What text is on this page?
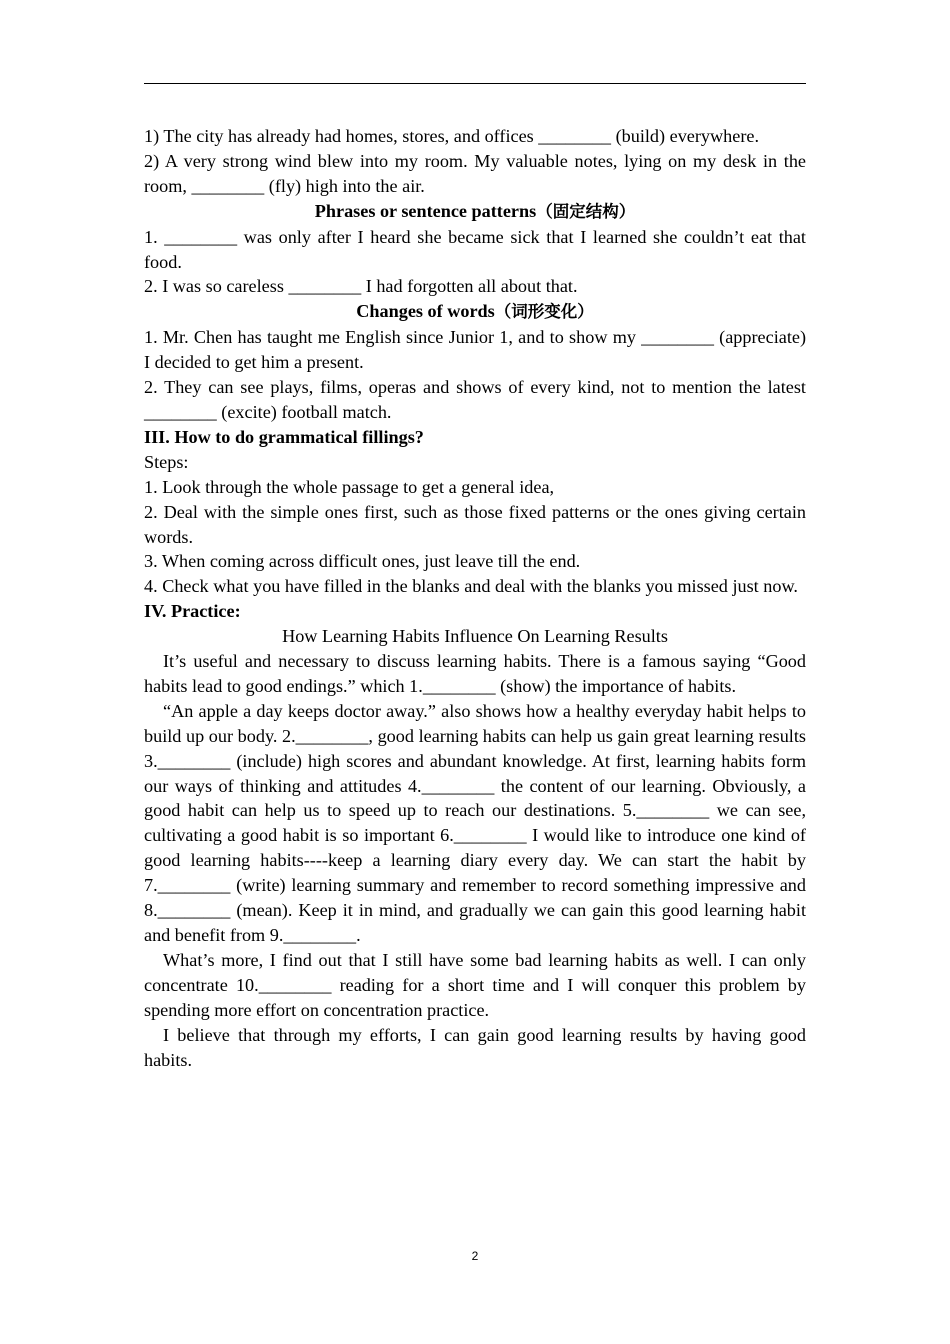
1) The city has already had homes, stores, and offices ________ (build) everywhere.

2) A very strong wind blew into my room. My valuable notes, lying on my desk in the room, ________ (fly) high into the air.

Phrases or sentence patterns（固定结构）

1. ________ was only after I heard she became sick that I learned she couldn’t eat that food.

2. I was so careless ________ I had forgotten all about that.

Changes of words（词形变化）

1. Mr. Chen has taught me English since Junior 1, and to show my ________ (appreciate) I decided to get him a present.

2. They can see plays, films, operas and shows of every kind, not to mention the latest ________ (excite) football match.

III. How to do grammatical fillings?

Steps:

1. Look through the whole passage to get a general idea,

2. Deal with the simple ones first, such as those fixed patterns or the ones giving certain words.

3. When coming across difficult ones, just leave till the end.

4. Check what you have filled in the blanks and deal with the blanks you missed just now.

IV. Practice:

How Learning Habits Influence On Learning Results

It’s useful and necessary to discuss learning habits. There is a famous saying “Good habits lead to good endings.” which 1.________ (show) the importance of habits.

“An apple a day keeps doctor away.” also shows how a healthy everyday habit helps to build up our body. 2.________, good learning habits can help us gain great learning results 3.________ (include) high scores and abundant knowledge. At first, learning habits form our ways of thinking and attitudes 4.________ the content of our learning. Obviously, a good habit can help us to speed up to reach our destinations. 5.________ we can see, cultivating a good habit is so important 6.________ I would like to introduce one kind of good learning habits----keep a learning diary every day. We can start the habit by 7.________ (write) learning summary and remember to record something impressive and 8.________ (mean). Keep it in mind, and gradually we can gain this good learning habit and benefit from 9.________.

What’s more, I find out that I still have some bad learning habits as well. I can only concentrate 10.________ reading for a short time and I will conquer this problem by spending more effort on concentration practice.

I believe that through my efforts, I can gain good learning results by having good habits.

2
